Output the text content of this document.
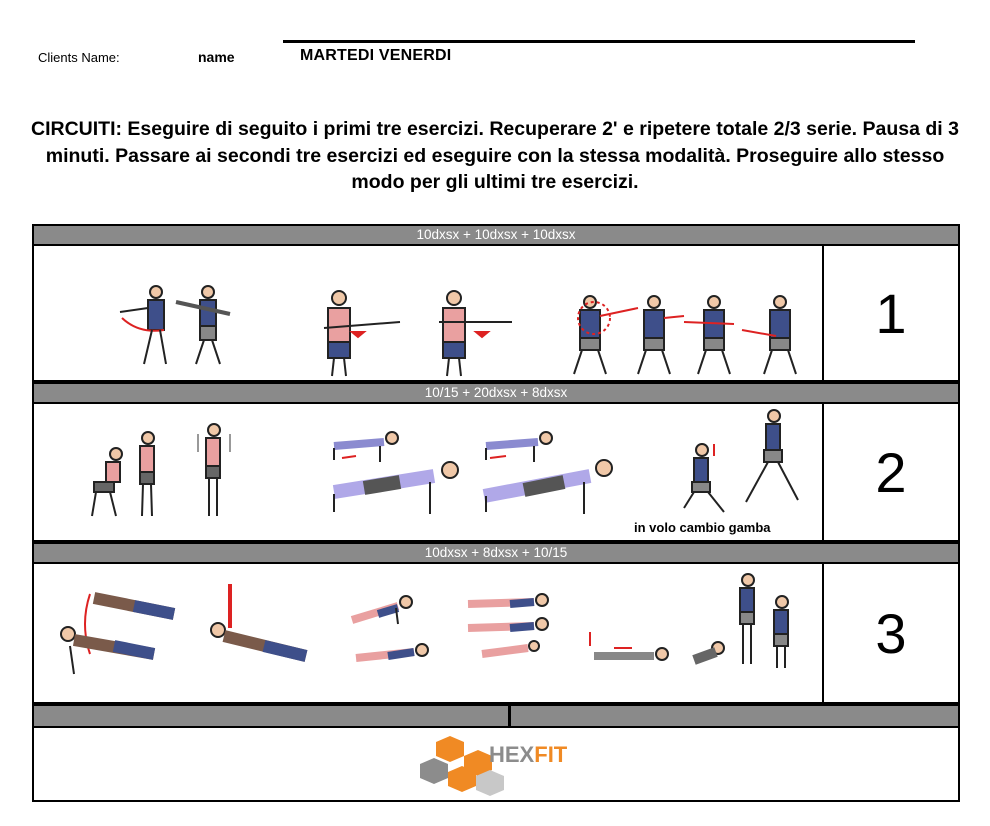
Clients Name:	name	MARTEDI VENERDI
CIRCUITI: Eseguire di seguito i primi tre esercizi. Recuperare 2' e ripetere totale 2/3 serie. Pausa di 3 minuti. Passare ai secondi tre esercizi ed eseguire con la stessa modalità. Proseguire allo stesso modo per gli ultimi tre esercizi.
10dxsx + 10dxsx + 10dxsx
1
10/15 + 20dxsx + 8dxsx
in volo cambio gamba
2
10dxsx + 8dxsx + 10/15
3
HEXFIT
